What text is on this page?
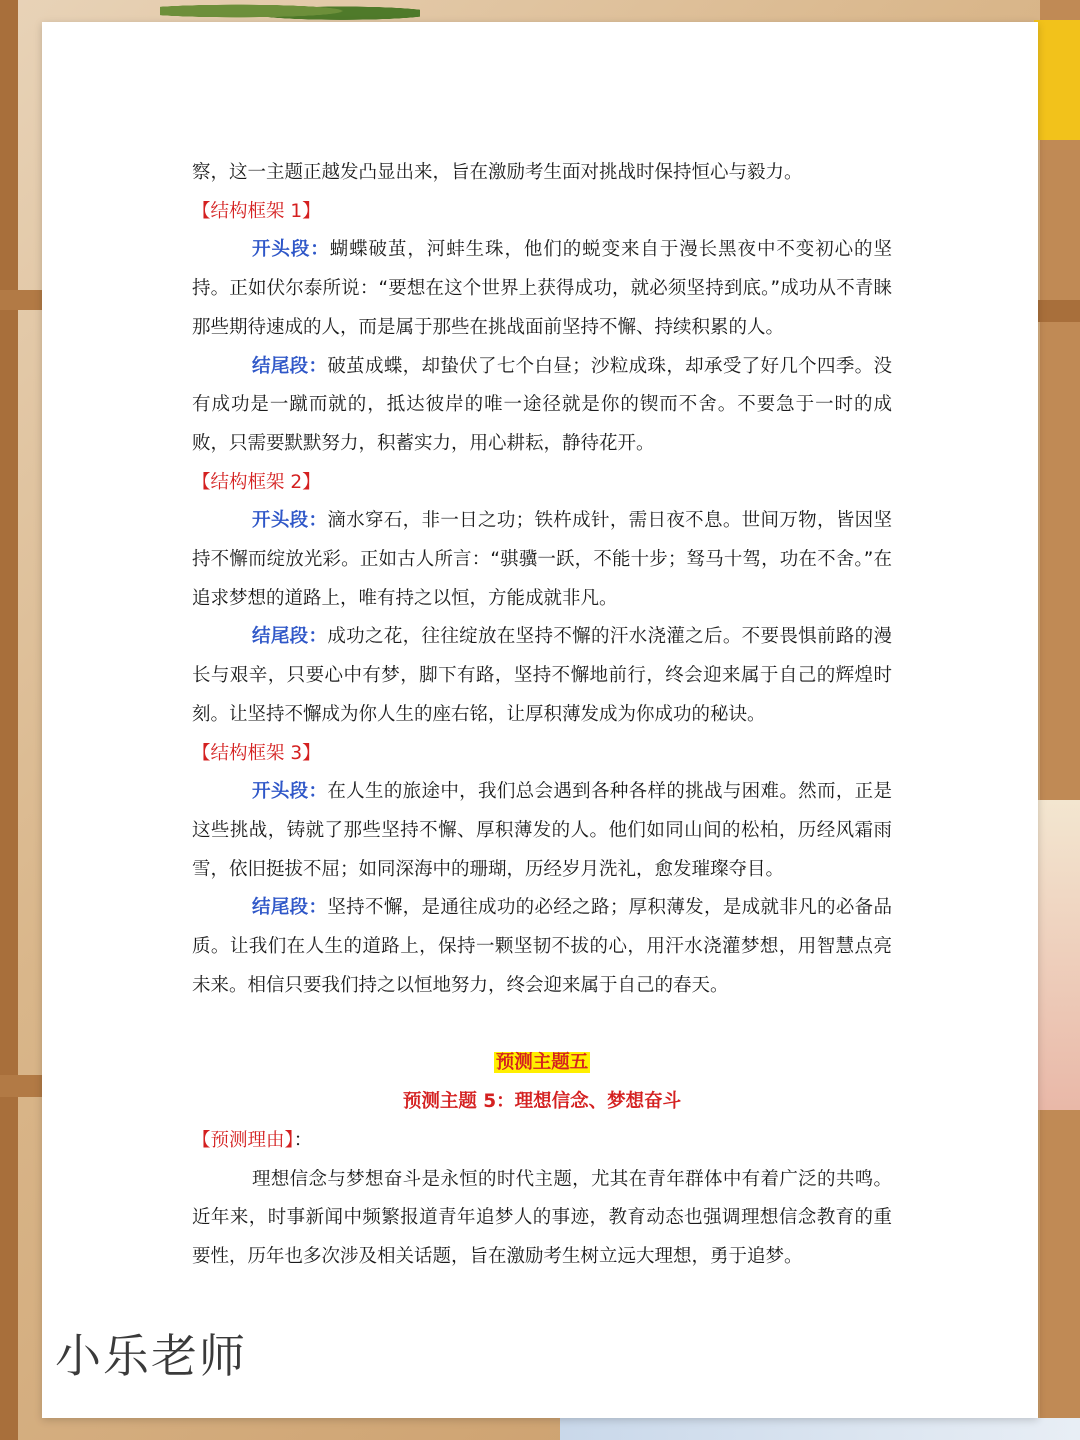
察，这一主题正越发凸显出来，旨在激励考生面对挑战时保持恒心与毅力。

【结构框架 1】

开头段：蝴蝶破茧，河蚌生珠，他们的蜕变来自于漫长黑夜中不变初心的坚持。正如伏尔泰所说：“要想在这个世界上获得成功，就必须坚持到底。”成功从不青睐那些期待速成的人，而是属于那些在挑战面前坚持不懈、持续积累的人。

结尾段：破茧成蝶，却蛰伏了七个白昼；沙粒成珠，却承受了好几个四季。没有成功是一蹴而就的，抵达彼岸的唯一途径就是你的锲而不舍。不要急于一时的成败，只需要默默努力，积蓄实力，用心耕耘，静待花开。

【结构框架 2】

开头段：滴水穿石，非一日之功；铁杵成针，需日夜不息。世间万物，皆因坚持不懈而绽放光彩。正如古人所言：“骐骥一跃，不能十步；驽马十驾，功在不舍。”在追求梦想的道路上，唯有持之以恒，方能成就非凡。

结尾段：成功之花，往往绽放在坚持不懈的汗水浇灌之后。不要畏惧前路的漫长与艰辛，只要心中有梦，脚下有路，坚持不懈地前行，终会迎来属于自己的辉煌时刻。让坚持不懈成为你人生的座右铭，让厚积薄发成为你成功的秘诀。

【结构框架 3】

开头段：在人生的旅途中，我们总会遇到各种各样的挑战与困难。然而，正是这些挑战，铸就了那些坚持不懈、厚积薄发的人。他们如同山间的松柏，历经风霜雨雪，依旧挺拔不屈；如同深海中的珊瑚，历经岁月洗礼，愈发璀璨夺目。

结尾段：坚持不懈，是通往成功的必经之路；厚积薄发，是成就非凡的必备品质。让我们在人生的道路上，保持一颗坚韧不拔的心，用汗水浇灌梦想，用智慧点亮未来。相信只要我们持之以恒地努力，终会迎来属于自己的春天。

预测主题五

预测主题 5：理想信念、梦想奋斗

【预测理由】：

理想信念与梦想奋斗是永恒的时代主题，尤其在青年群体中有着广泛的共鸣。近年来，时事新闻中频繁报道青年追梦人的事迹，教育动态也强调理想信念教育的重要性，历年也多次涉及相关话题，旨在激励考生树立远大理想，勇于追梦。

小乐老师
